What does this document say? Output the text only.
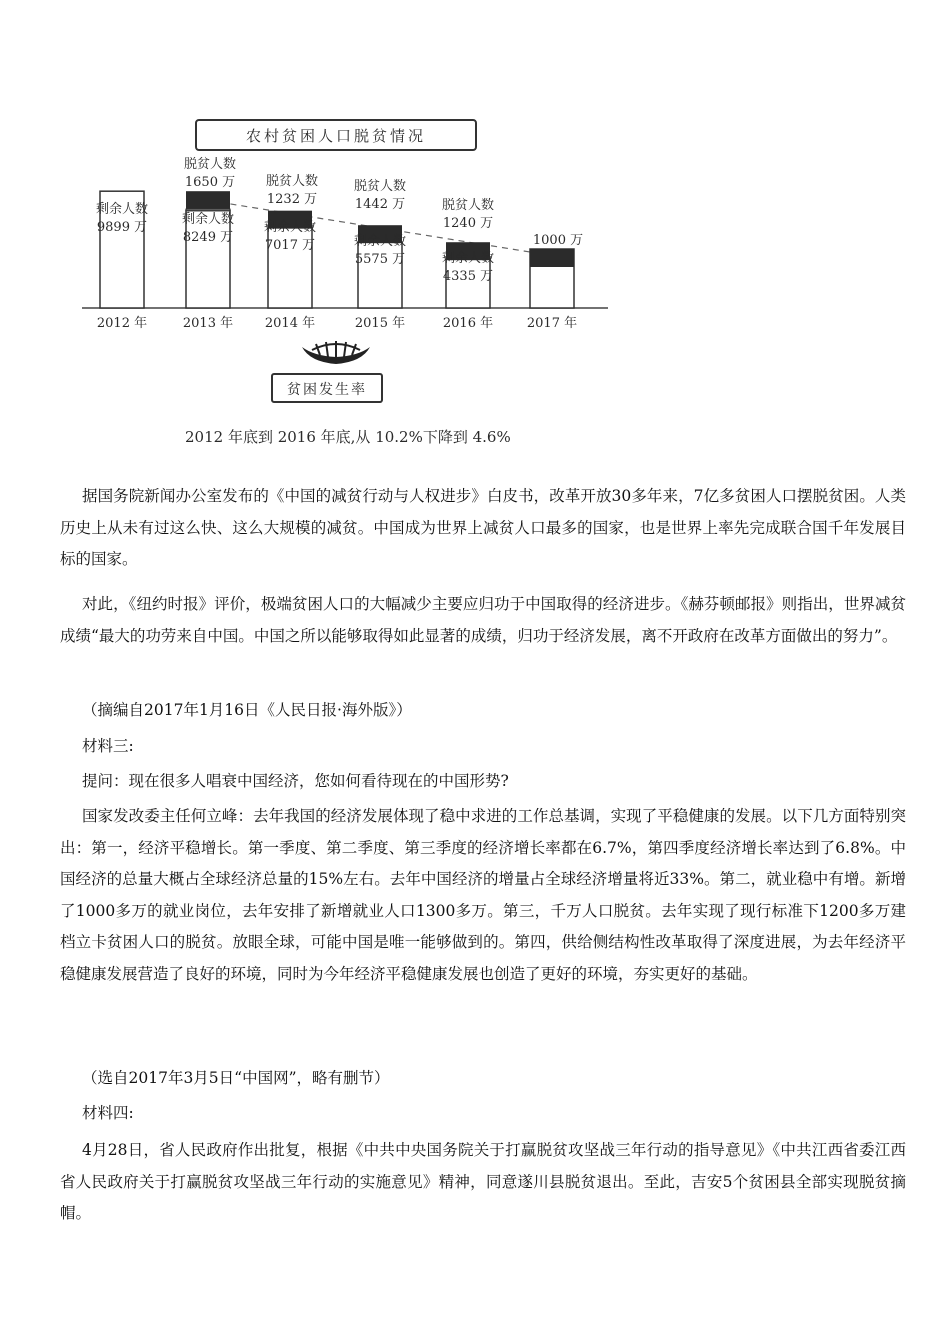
农村贫困人口脱贫情况
剩余人数
9899 万
脱贫人数
1650 万
剩余人数
8249 万
脱贫人数
1232 万
剩余人数
7017 万
脱贫人数
1442 万
剩余人数
5575 万
脱贫人数
1240 万
剩余人数
4335 万
1000 万
2012 年	2013 年 2014 年	2015 年	2016 年	2017 年
贫困发生率
2012 年底到 2016 年底,从 10.2%下降到 4.6%

据国务院新闻办公室发布的《中国的减贫行动与人权进步》白皮书，改革开放30多年来，7亿多贫困人口摆脱贫困。人类历史上从未有过这么快、这么大规模的减贫。中国成为世界上减贫人口最多的国家，也是世界上率先完成联合国千年发展目标的国家。

对此，《纽约时报》评价，极端贫困人口的大幅减少主要应归功于中国取得的经济进步。《赫芬顿邮报》则指出，世界减贫成绩“最大的功劳来自中国。中国之所以能够取得如此显著的成绩，归功于经济发展，离不开政府在改革方面做出的努力”。

（摘编自2017年1月16日《人民日报·海外版》）

材料三:

提问：现在很多人唱衰中国经济，您如何看待现在的中国形势?

国家发改委主任何立峰：去年我国的经济发展体现了稳中求进的工作总基调，实现了平稳健康的发展。以下几方面特别突出：第一，经济平稳增长。第一季度、第二季度、第三季度的经济增长率都在6.7%，第四季度经济增长率达到了6.8%。中国经济的总量大概占全球经济总量的15%左右。去年中国经济的增量占全球经济增量将近33%。第二，就业稳中有增。新增了1000多万的就业岗位，去年安排了新增就业人口1300多万。第三，千万人口脱贫。去年实现了现行标准下1200多万建档立卡贫困人口的脱贫。放眼全球，可能中国是唯一能够做到的。第四，供给侧结构性改革取得了深度进展，为去年经济平稳健康发展营造了良好的环境，同时为今年经济平稳健康发展也创造了更好的环境，夯实更好的基础。

（选自2017年3月5日“中国网”，略有删节）

材料四:

4月28日，省人民政府作出批复，根据《中共中央国务院关于打赢脱贫攻坚战三年行动的指导意见》《中共江西省委江西省人民政府关于打赢脱贫攻坚战三年行动的实施意见》精神，同意遂川县脱贫退出。至此，吉安5个贫困县全部实现脱贫摘帽。
